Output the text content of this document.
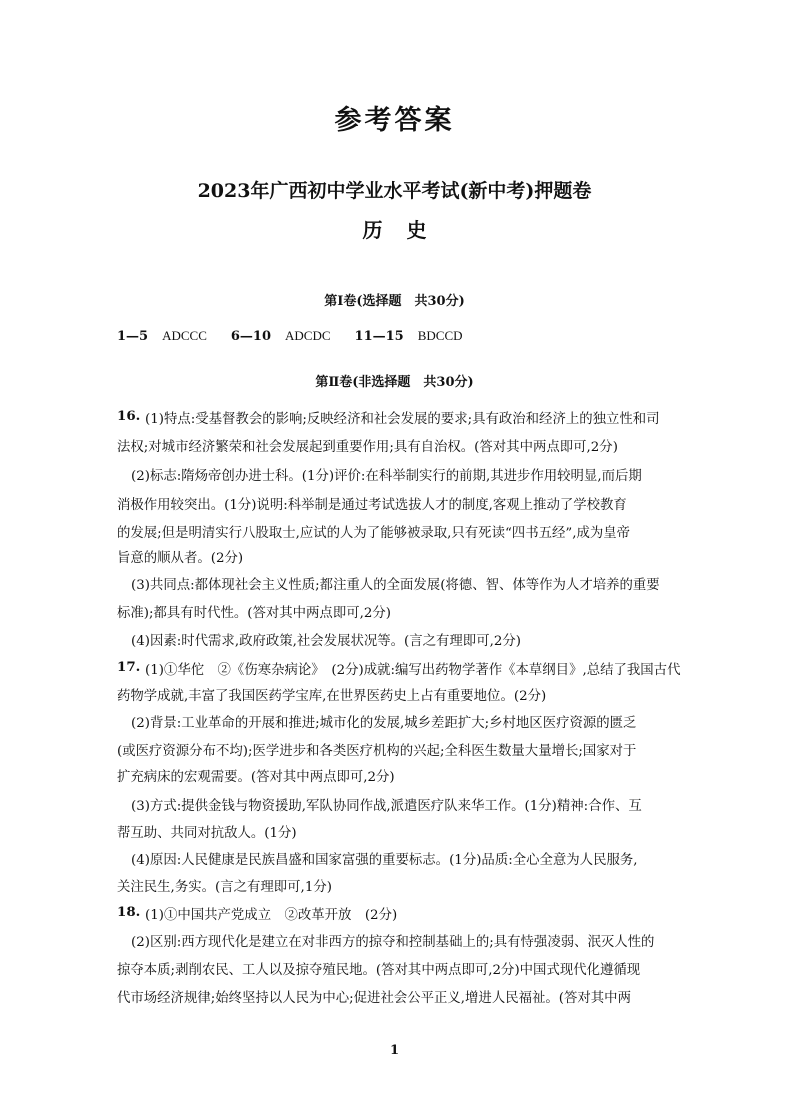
参考答案
2023年广西初中学业水平考试(新中考)押题卷
历 史
第Ⅰ卷(选择题　共30分)
1—5 ADCCC 6—10 ADCDC 11—15 BDCCD
第Ⅱ卷(非选择题　共30分)
16. (1)特点:受基督教会的影响;反映经济和社会发展的要求;具有政治和经济上的独立性和司
法权;对城市经济繁荣和社会发展起到重要作用;具有自治权。(答对其中两点即可,2分)
(2)标志:隋炀帝创办进士科。(1分)评价:在科举制实行的前期,其进步作用较明显,而后期
消极作用较突出。(1分)说明:科举制是通过考试选拔人才的制度,客观上推动了学校教育
的发展;但是明清实行八股取士,应试的人为了能够被录取,只有死读“四书五经”,成为皇帝
旨意的顺从者。(2分)
(3)共同点:都体现社会主义性质;都注重人的全面发展(将德、智、体等作为人才培养的重要
标准);都具有时代性。(答对其中两点即可,2分)
(4)因素:时代需求,政府政策,社会发展状况等。(言之有理即可,2分)
17. (1)①华佗　②《伤寒杂病论》　(2分)成就:编写出药物学著作《本草纲目》,总结了我国古代
药物学成就,丰富了我国医药学宝库,在世界医药史上占有重要地位。(2分)
(2)背景:工业革命的开展和推进;城市化的发展,城乡差距扩大;乡村地区医疗资源的匮乏
(或医疗资源分布不均);医学进步和各类医疗机构的兴起;全科医生数量大量增长;国家对于
扩充病床的宏观需要。(答对其中两点即可,2分)
(3)方式:提供金钱与物资援助,军队协同作战,派遣医疗队来华工作。(1分)精神:合作、互
帮互助、共同对抗敌人。(1分)
(4)原因:人民健康是民族昌盛和国家富强的重要标志。(1分)品质:全心全意为人民服务,
关注民生,务实。(言之有理即可,1分)
18. (1)①中国共产党成立　②改革开放　(2分)
(2)区别:西方现代化是建立在对非西方的掠夺和控制基础上的;具有恃强凌弱、泯灭人性的
掠夺本质;剥削农民、工人以及掠夺殖民地。(答对其中两点即可,2分)中国式现代化遵循现
代市场经济规律;始终坚持以人民为中心;促进社会公平正义,增进人民福祉。(答对其中两
1
